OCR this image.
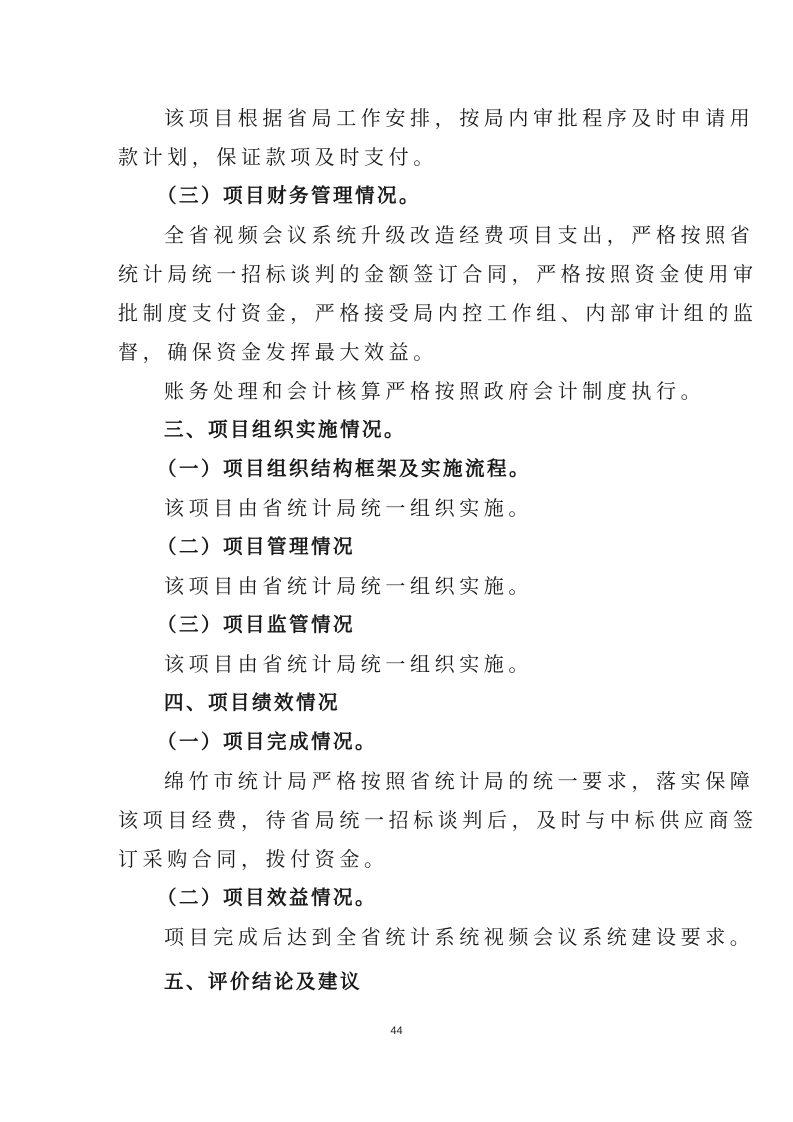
该项目根据省局工作安排，按局内审批程序及时申请用
款计划，保证款项及时支付。
（三）项目财务管理情况。
全省视频会议系统升级改造经费项目支出，严格按照省
统计局统一招标谈判的金额签订合同，严格按照资金使用审
批制度支付资金，严格接受局内控工作组、内部审计组的监
督，确保资金发挥最大效益。
账务处理和会计核算严格按照政府会计制度执行。
三、项目组织实施情况。
（一）项目组织结构框架及实施流程。
该项目由省统计局统一组织实施。
（二）项目管理情况
该项目由省统计局统一组织实施。
（三）项目监管情况
该项目由省统计局统一组织实施。
四、项目绩效情况
（一）项目完成情况。
绵竹市统计局严格按照省统计局的统一要求，落实保障
该项目经费，待省局统一招标谈判后，及时与中标供应商签
订采购合同，拨付资金。
（二）项目效益情况。
项目完成后达到全省统计系统视频会议系统建设要求。
五、评价结论及建议
44
